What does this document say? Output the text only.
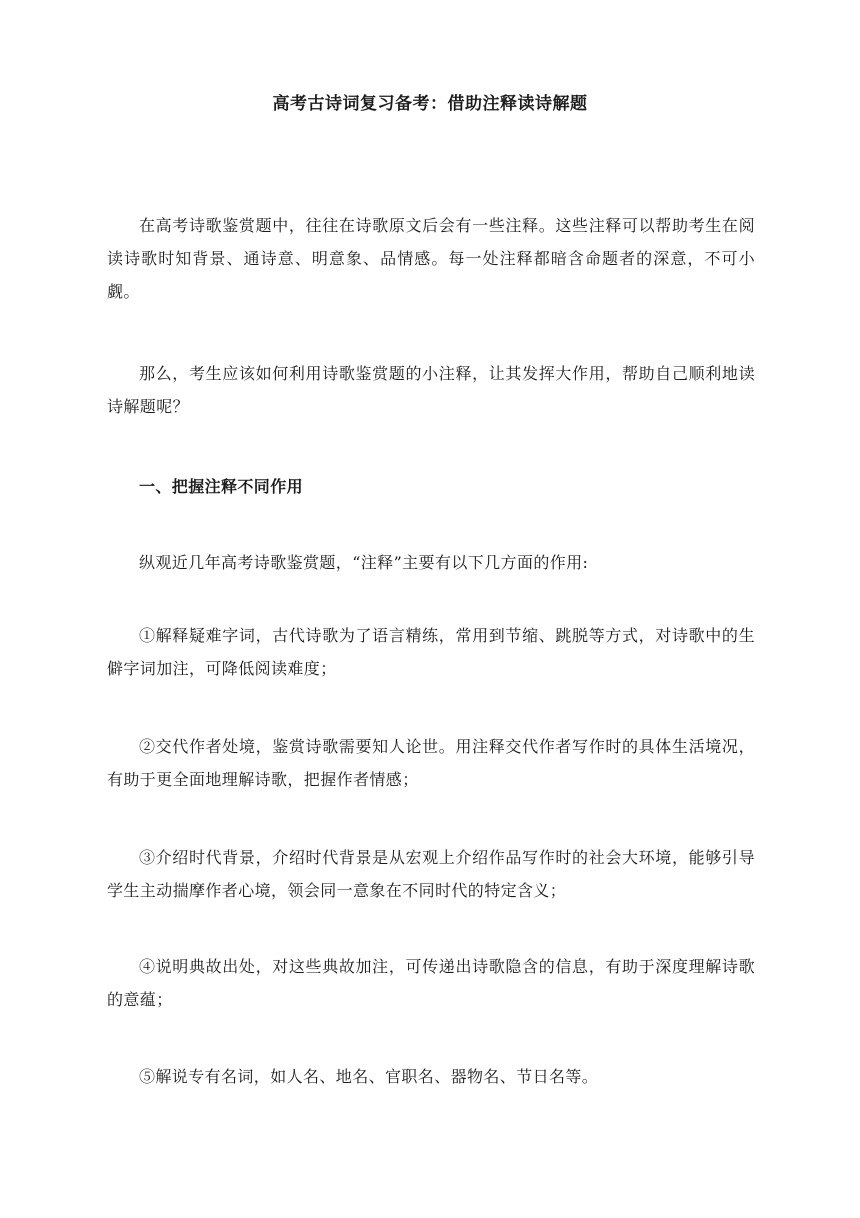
高考古诗词复习备考：借助注释读诗解题

在高考诗歌鉴赏题中，往往在诗歌原文后会有一些注释。这些注释可以帮助考生在阅读诗歌时知背景、通诗意、明意象、品情感。每一处注释都暗含命题者的深意，不可小觑。

那么，考生应该如何利用诗歌鉴赏题的小注释，让其发挥大作用，帮助自己顺利地读诗解题呢？

一、把握注释不同作用

纵观近几年高考诗歌鉴赏题，“注释”主要有以下几方面的作用:

①解释疑难字词，古代诗歌为了语言精练，常用到节缩、跳脱等方式，对诗歌中的生僻字词加注，可降低阅读难度；

②交代作者处境，鉴赏诗歌需要知人论世。用注释交代作者写作时的具体生活境况，有助于更全面地理解诗歌，把握作者情感；

③介绍时代背景，介绍时代背景是从宏观上介绍作品写作时的社会大环境，能够引导学生主动揣摩作者心境，领会同一意象在不同时代的特定含义；

④说明典故出处，对这些典故加注，可传递出诗歌隐含的信息，有助于深度理解诗歌的意蕴；

⑤解说专有名词，如人名、地名、官职名、器物名、节日名等。
